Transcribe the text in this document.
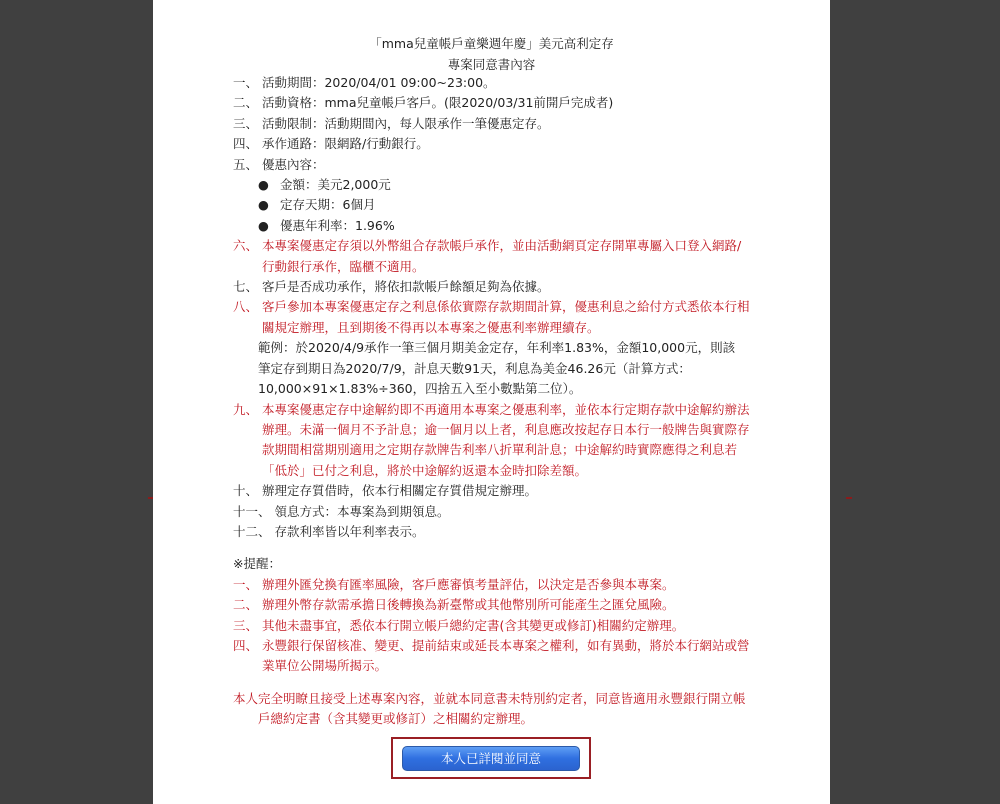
「mma兒童帳戶童樂週年慶」美元高利定存
專案同意書內容
一、 活動期間：2020/04/01 09:00~23:00。
二、 活動資格：mma兒童帳戶客戶。(限2020/03/31前開戶完成者)
三、 活動限制：活動期間內，每人限承作一筆優惠定存。
四、 承作通路：限網路/行動銀行。
五、 優惠內容：
● 金額：美元2,000元
● 定存天期：6個月
● 優惠年利率：1.96%
六、 本專案優惠定存須以外幣組合存款帳戶承作，並由活動網頁定存開單專屬入口登入網路/
行動銀行承作，臨櫃不適用。
七、 客戶是否成功承作，將依扣款帳戶餘額足夠為依據。
八、 客戶參加本專案優惠定存之利息係依實際存款期間計算，優惠利息之給付方式悉依本行相
關規定辦理，且到期後不得再以本專案之優惠利率辦理續存。
範例：於2020/4/9承作一筆三個月期美金定存，年利率1.83%，金額10,000元，則該
筆定存到期日為2020/7/9，計息天數91天，利息為美金46.26元（計算方式：
10,000×91×1.83%÷360，四捨五入至小數點第二位）。
九、 本專案優惠定存中途解約即不再適用本專案之優惠利率，並依本行定期存款中途解約辦法
辦理。未滿一個月不予計息；逾一個月以上者，利息應改按起存日本行一般牌告與實際存
款期間相當期別適用之定期存款牌告利率八折單利計息；中途解約時實際應得之利息若
「低於」已付之利息，將於中途解約返還本金時扣除差額。
十、 辦理定存質借時，依本行相關定存質借規定辦理。
十一、 領息方式：本專案為到期領息。
十二、 存款利率皆以年利率表示。
※提醒：
一、 辦理外匯兌換有匯率風險，客戶應審慎考量評估，以決定是否參與本專案。
二、 辦理外幣存款需承擔日後轉換為新臺幣或其他幣別所可能產生之匯兌風險。
三、 其他未盡事宜，悉依本行開立帳戶總約定書(含其變更或修訂)相關約定辦理。
四、 永豐銀行保留核准、變更、提前結束或延長本專案之權利，如有異動，將於本行網站或營
業單位公開場所揭示。
本人完全明瞭且接受上述專案內容，並就本同意書未特別約定者，同意皆適用永豐銀行開立帳
戶總約定書（含其變更或修訂）之相關約定辦理。
本人已詳閱並同意
